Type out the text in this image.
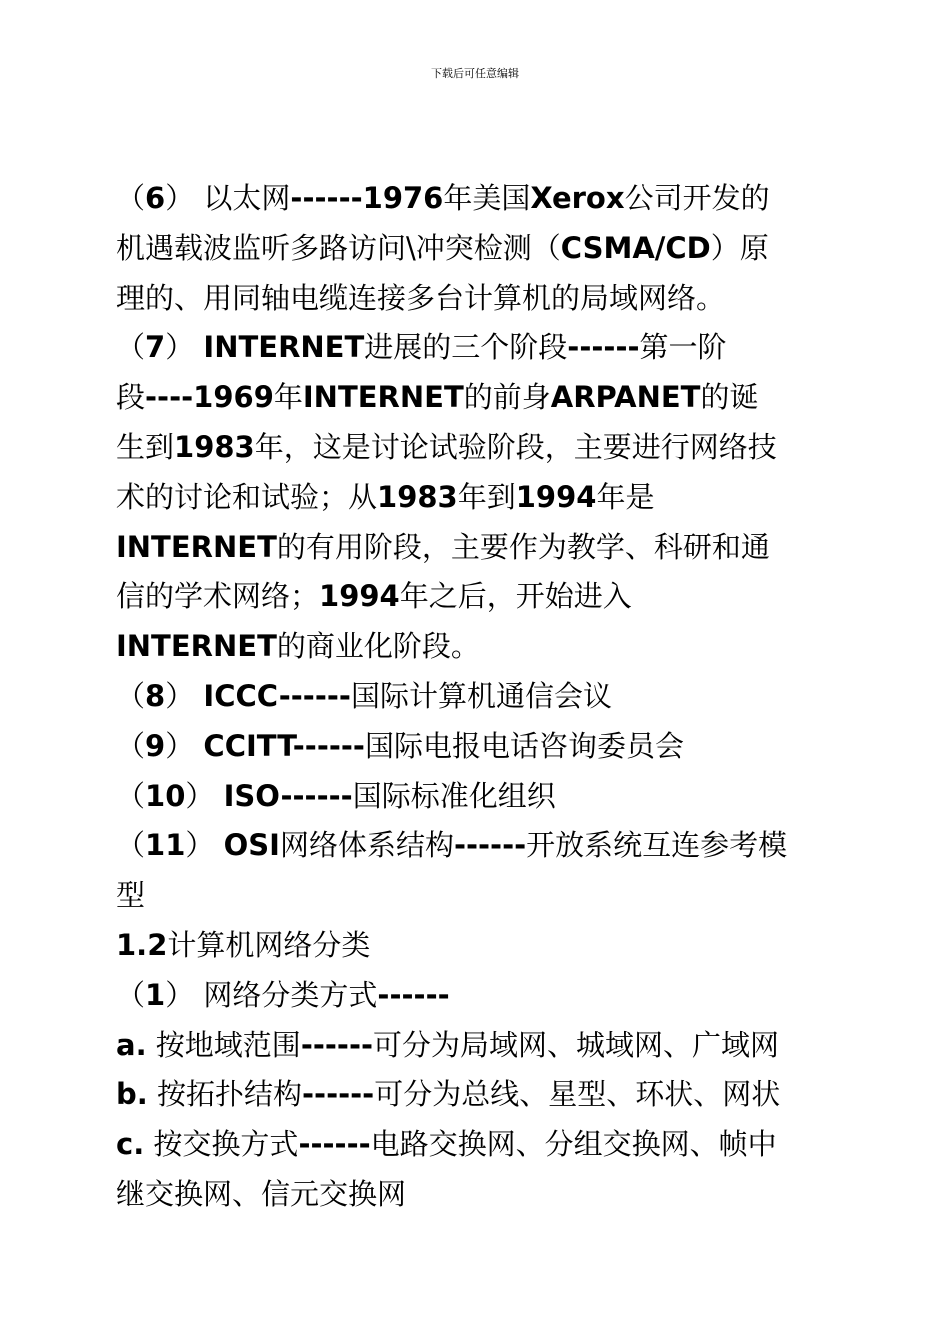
下载后可任意编辑
（6） 以太网------1976年美国Xerox公司开发的
机遇载波监听多路访问\冲突检测（CSMA/CD）原
理的、用同轴电缆连接多台计算机的局域网络。
（7） INTERNET进展的三个阶段------第一阶
段----1969年INTERNET的前身ARPANET的诞
生到1983年，这是讨论试验阶段，主要进行网络技
术的讨论和试验；从1983年到1994年是
INTERNET的有用阶段，主要作为教学、科研和通
信的学术网络；1994年之后，开始进入
INTERNET的商业化阶段。
（8） ICCC------国际计算机通信会议
（9） CCITT------国际电报电话咨询委员会
（10） ISO------国际标准化组织
（11） OSI网络体系结构------开放系统互连参考模
型
1.2计算机网络分类
（1） 网络分类方式------
a. 按地域范围------可分为局域网、城域网、广域网
b. 按拓扑结构------可分为总线、星型、环状、网状
c. 按交换方式------电路交换网、分组交换网、帧中
继交换网、信元交换网
